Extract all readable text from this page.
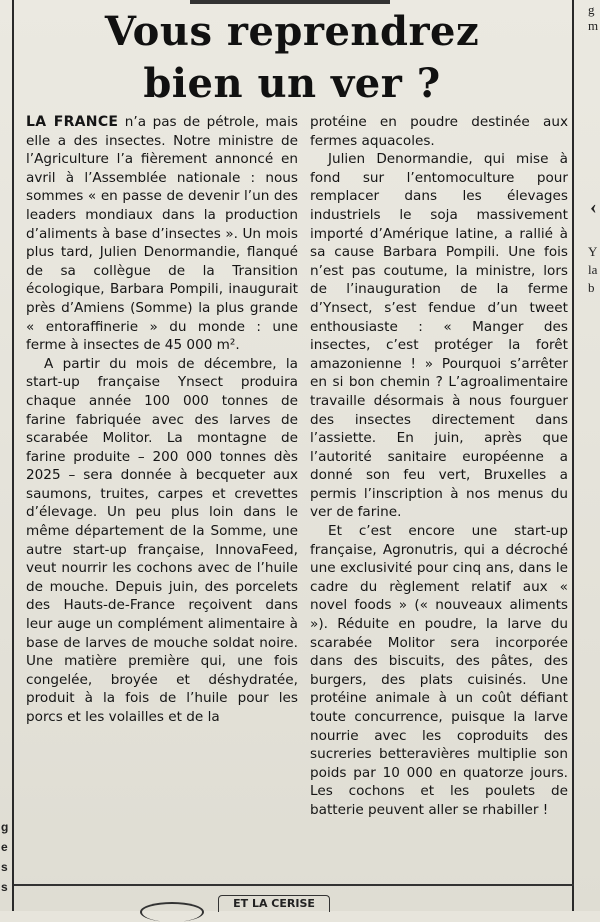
g
e
s
s
g
m
‹
Y
la
b
Vous reprendrez
bien un ver ?

LA FRANCE n’a pas de pétrole, mais elle a des insectes. Notre ministre de l’Agriculture l’a fièrement annoncé en avril à l’Assemblée nationale : nous sommes « en passe de devenir l’un des leaders mondiaux dans la production d’aliments à base d’insectes ». Un mois plus tard, Julien Denormandie, flanqué de sa collègue de la Transition écologique, Barbara Pompili, inaugurait près d’Amiens (Somme) la plus grande « entoraffinerie » du monde : une ferme à insectes de 45 000 m².

A partir du mois de décembre, la start-up française Ynsect produira chaque année 100 000 tonnes de farine fabriquée avec des larves de scarabée Molitor. La montagne de farine produite – 200 000 tonnes dès 2025 – sera donnée à becqueter aux saumons, truites, carpes et crevettes d’élevage. Un peu plus loin dans le même département de la Somme, une autre start-up française, InnovaFeed, veut nourrir les cochons avec de l’huile de mouche. Depuis juin, des porcelets des Hauts-de-France reçoivent dans leur auge un complément alimentaire à base de larves de mouche soldat noire. Une matière première qui, une fois congelée, broyée et déshydratée, produit à la fois de l’huile pour les porcs et les volailles et de la

protéine en poudre destinée aux fermes aquacoles.

Julien Denormandie, qui mise à fond sur l’entomoculture pour remplacer dans les élevages industriels le soja massivement importé d’Amérique latine, a rallié à sa cause Barbara Pompili. Une fois n’est pas coutume, la ministre, lors de l’inauguration de la ferme d’Ynsect, s’est fendue d’un tweet enthousiaste : « Manger des insectes, c’est protéger la forêt amazonienne ! » Pourquoi s’arrêter en si bon chemin ? L’agroalimentaire travaille désormais à nous fourguer des insectes directement dans l’assiette. En juin, après que l’autorité sanitaire européenne a donné son feu vert, Bruxelles a permis l’inscription à nos menus du ver de farine.

Et c’est encore une start-up française, Agronutris, qui a décroché une exclusivité pour cinq ans, dans le cadre du règlement relatif aux « novel foods » (« nouveaux aliments »). Réduite en poudre, la larve du scarabée Molitor sera incorporée dans des biscuits, des pâtes, des burgers, des plats cuisinés. Une protéine animale à un coût défiant toute concurrence, puisque la larve nourrie avec les coproduits des sucreries betteravières multiplie son poids par 10 000 en quatorze jours. Les cochons et les poulets de batterie peuvent aller se rhabiller !

ET LA CERISE
